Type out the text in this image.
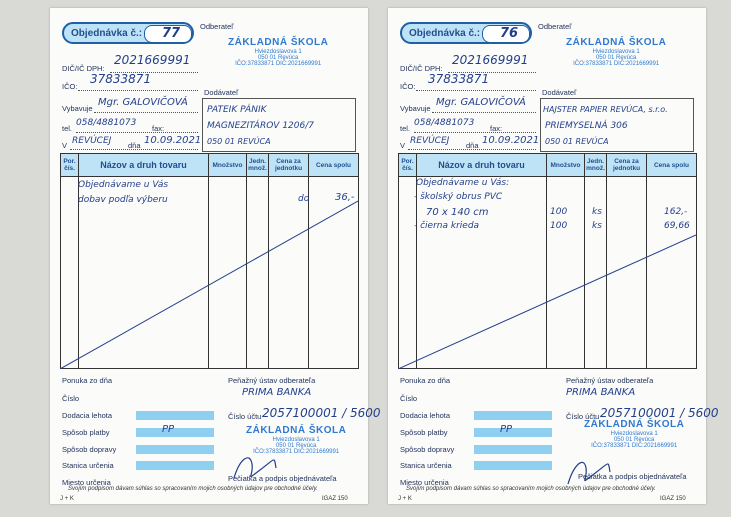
Objednávka č.: 77	Odberateľ
ZÁKLADNÁ ŠKOLA
Hviezdoslavova 1
050 01 Revúca
IČO:37833871 DIČ:2021669991
DIČ/IČ DPH:
2021669991
IČO:
37833871
Vybavuje
Mgr. GALOVIČOVÁ
tel.
058/4881073
fax:
V REVÚCEJ dňa 10.09.2021
Dodávateľ
PATEIK PÁNIK
MAGNEZITÁROV 1206/7
050 01 REVÚCA
Por. čís.	Názov a druh tovaru	Množstvo	Jedn. množ.	Cena za jednotku	Cena spolu

Objednávame u Vás
dobav podľa výberu	do	36,-
Ponuka zo dňa
Číslo
Dodacia lehota
Spôsob platby	PP
Spôsob dopravy
Stanica určenia
Miesto určenia
Peňažný ústav odberateľa
PRIMA BANKA
Číslo účtu 2057100001 / 5600
ZÁKLADNÁ ŠKOLA
Hviezdoslavova 1
050 01 Revúca
IČO:37833871 DIČ:2021669991
Pečiatka a podpis objednávateľa
Svojím podpisom dávam súhlas so spracovaním mojich osobných údajov pre obchodné účely.
J + K	IGAZ 150
Objednávka č.: 76	Odberateľ
ZÁKLADNÁ ŠKOLA
Hviezdoslavova 1
050 01 Revúca
IČO:37833871 DIČ:2021669991
DIČ/IČ DPH:
2021669991
IČO:
37833871
Vybavuje
Mgr. GALOVIČOVÁ
tel.
058/4881073
fax:
V REVÚCEJ dňa 10.09.2021
Dodávateľ
HAJSTER PAPIER REVÚCA, s.r.o.
PRIEMYSELNÁ 306
050 01 REVÚCA
Por. čís.	Názov a druh tovaru	Množstvo	Jedn. množ.	Cena za jednotku	Cena spolu

Objednávame u Vás:
- školský obrus PVC
70 x 140 cm	100	ks	162,-
- čierna krieda	100	ks	69,66
Ponuka zo dňa
Číslo
Dodacia lehota
Spôsob platby	PP
Spôsob dopravy
Stanica určenia
Miesto určenia
Peňažný ústav odberateľa
PRIMA BANKA
Číslo účtu 2057100001 / 5600
ZÁKLADNÁ ŠKOLA
Hviezdoslavova 1
050 01 Revúca
IČO:37833871 DIČ:2021669991
Pečiatka a podpis objednávateľa
Svojím podpisom dávam súhlas so spracovaním mojich osobných údajov pre obchodné účely.
J + K	IGAZ 150
